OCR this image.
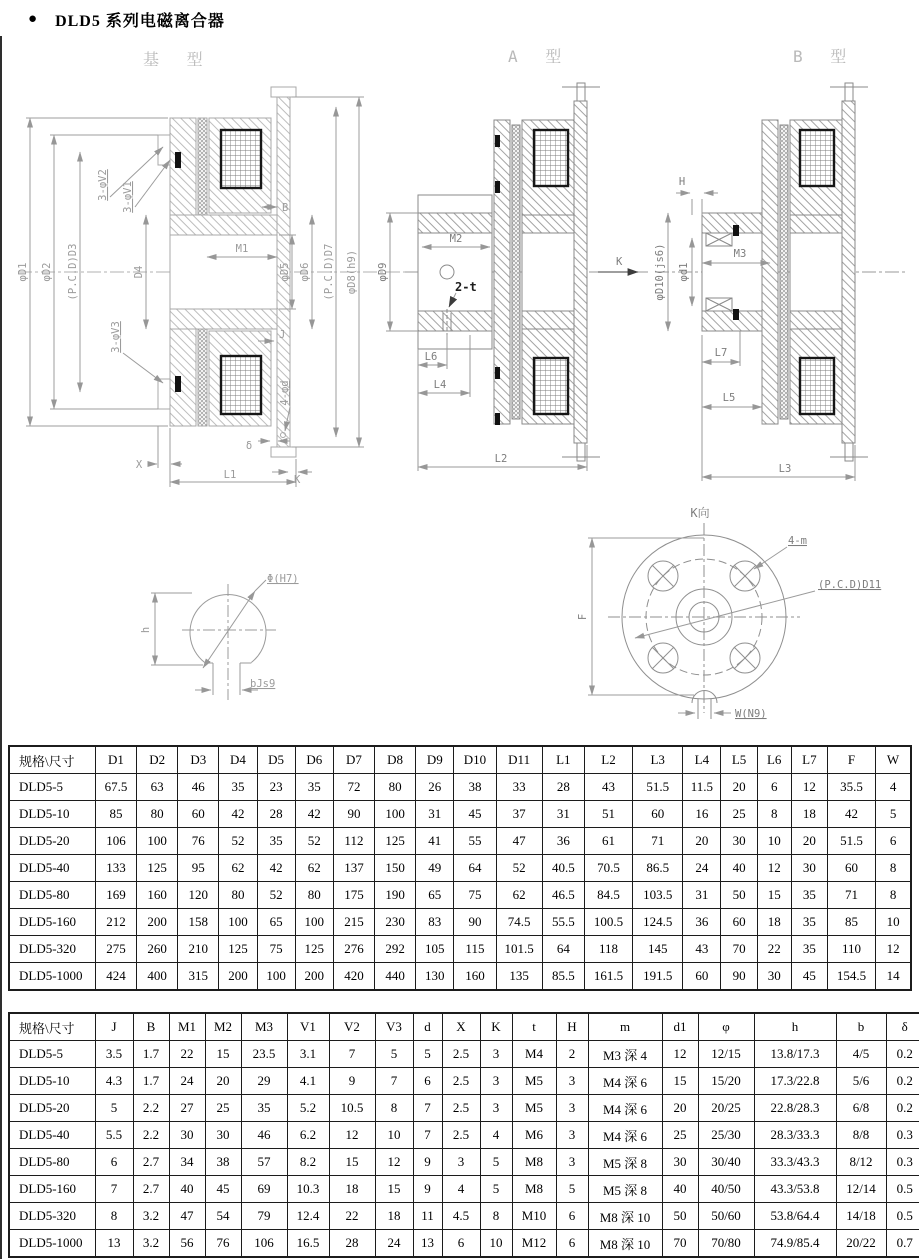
● DLD5 系列电磁离合器
基 型
φD1 φD2 (P.C.D)D3	D4
3-φV2 3-φV1
3-φV3
B
M1
φD5 φD6 (P.C.D)D7 φD8(h9)
J
4-φd
δ
X
L1	K
A 型
φD9
M2
2-t
L6
L4
L2
K
B 型
H
φD10(js6) φd1
M3
L7
L5
L3
Φ(H7)
h
bJs9
K向
4-m
(P.C.D)D11
F
W(N9)
规格\尺寸	D1	D2	D3	D4	D5	D6	D7	D8	D9	D10	D11	L1	L2	L3	L4	L5	L6	L7	F	W
DLD5-5	67.5	63	46	35	23	35	72	80	26	38	33	28	43	51.5	11.5	20	6	12	35.5	4
DLD5-10	85	80	60	42	28	42	90	100	31	45	37	31	51	60	16	25	8	18	42	5
DLD5-20	106	100	76	52	35	52	112	125	41	55	47	36	61	71	20	30	10	20	51.5	6
DLD5-40	133	125	95	62	42	62	137	150	49	64	52	40.5	70.5	86.5	24	40	12	30	60	8
DLD5-80	169	160	120	80	52	80	175	190	65	75	62	46.5	84.5	103.5	31	50	15	35	71	8
DLD5-160	212	200	158	100	65	100	215	230	83	90	74.5	55.5	100.5	124.5	36	60	18	35	85	10
DLD5-320	275	260	210	125	75	125	276	292	105	115	101.5	64	118	145	43	70	22	35	110	12
DLD5-1000	424	400	315	200	100	200	420	440	130	160	135	85.5	161.5	191.5	60	90	30	45	154.5	14
规格\尺寸	J	B	M1	M2	M3	V1	V2	V3	d	X	K	t	H	m	d1	φ	h	b	δ
DLD5-5	3.5	1.7	22	15	23.5	3.1	7	5	5	2.5	3	M4	2	M3 深 4	12	12/15	13.8/17.3	4/5	0.2
DLD5-10	4.3	1.7	24	20	29	4.1	9	7	6	2.5	3	M5	3	M4 深 6	15	15/20	17.3/22.8	5/6	0.2
DLD5-20	5	2.2	27	25	35	5.2	10.5	8	7	2.5	3	M5	3	M4 深 6	20	20/25	22.8/28.3	6/8	0.2
DLD5-40	5.5	2.2	30	30	46	6.2	12	10	7	2.5	4	M6	3	M4 深 6	25	25/30	28.3/33.3	8/8	0.3
DLD5-80	6	2.7	34	38	57	8.2	15	12	9	3	5	M8	3	M5 深 8	30	30/40	33.3/43.3	8/12	0.3
DLD5-160	7	2.7	40	45	69	10.3	18	15	9	4	5	M8	5	M5 深 8	40	40/50	43.3/53.8	12/14	0.5
DLD5-320	8	3.2	47	54	79	12.4	22	18	11	4.5	8	M10	6	M8 深 10	50	50/60	53.8/64.4	14/18	0.5
DLD5-1000	13	3.2	56	76	106	16.5	28	24	13	6	10	M12	6	M8 深 10	70	70/80	74.9/85.4	20/22	0.7
